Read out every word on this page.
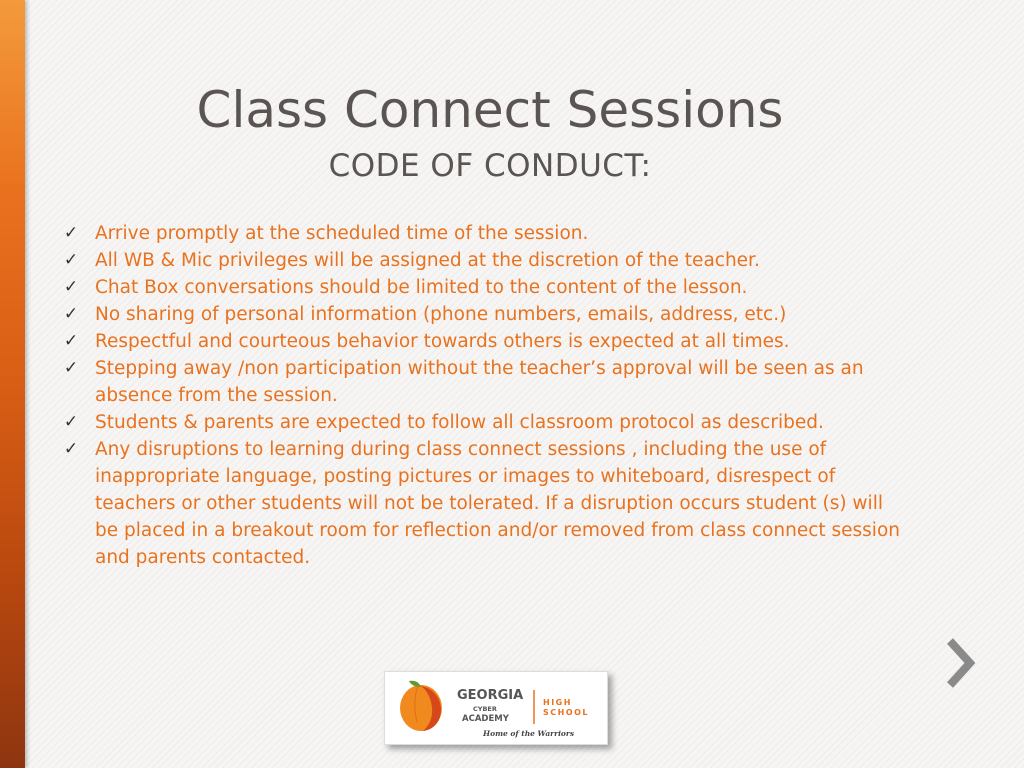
Class Connect Sessions
CODE OF CONDUCT:
✓ Arrive promptly at the scheduled time of the session.
✓ All WB & Mic privileges will be assigned at the discretion of the teacher.
✓ Chat Box conversations should be limited to the content of the lesson.
✓ No sharing of personal information (phone numbers, emails, address, etc.)
✓ Respectful and courteous behavior towards others is expected at all times.
✓ Stepping away /non participation without the teacher’s approval will be seen as an absence from the session.
✓ Students & parents are expected to follow all classroom protocol as described.
✓ Any disruptions to learning during class connect sessions , including the use of inappropriate language, posting pictures or images to whiteboard, disrespect of teachers or other students will not be tolerated. If a disruption occurs student (s) will be placed in a breakout room for reflection and/or removed from class connect session and parents contacted.
GEORGIA
CYBER
ACADEMY
HIGH
SCHOOL
Home of the Warriors
